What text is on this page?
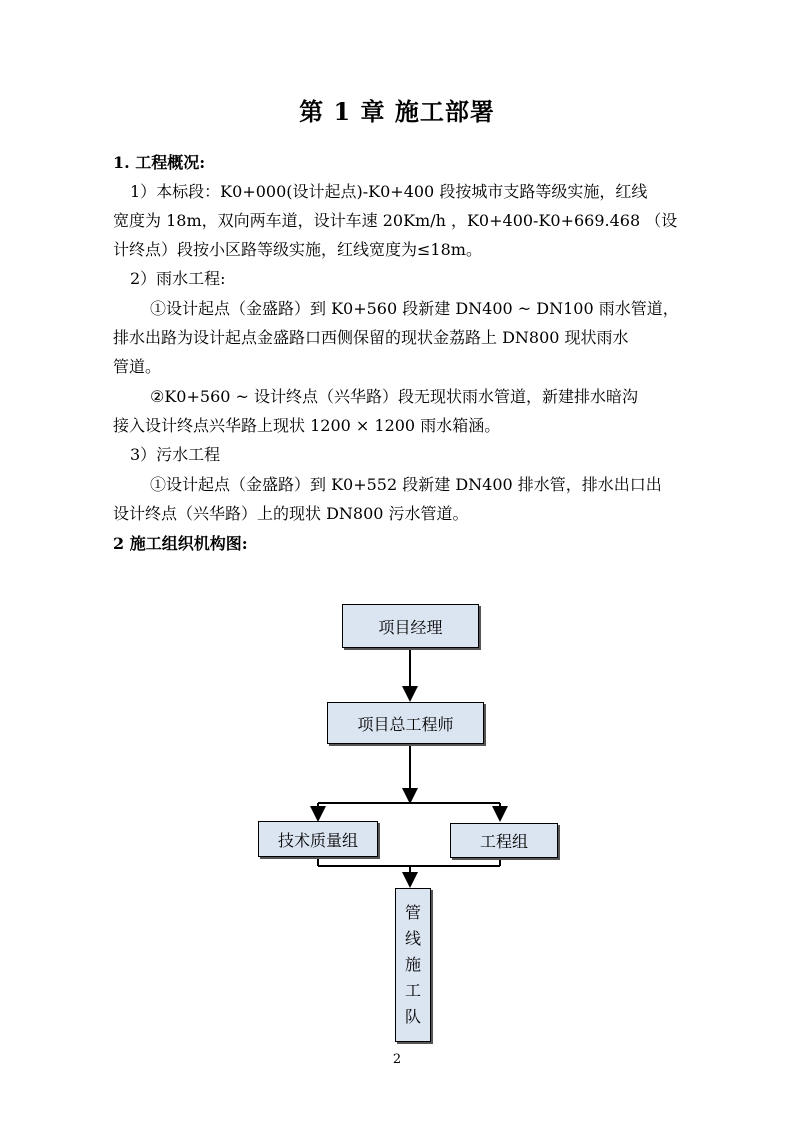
第 1 章 施工部署
1. 工程概况:
1）本标段：K0+000(设计起点)-K0+400 段按城市支路等级实施，红线
宽度为 18m，双向两车道，设计车速 20Km/h ，K0+400-K0+669.468 （设
计终点）段按小区路等级实施，红线宽度为≤18m。
2）雨水工程:
①设计起点（金盛路）到 K0+560 段新建 DN400 ~ DN100 雨水管道，
排水出路为设计起点金盛路口西侧保留的现状金荔路上 DN800 现状雨水
管道。
②K0+560 ~ 设计终点（兴华路）段无现状雨水管道，新建排水暗沟
接入设计终点兴华路上现状 1200 × 1200 雨水箱涵。
3）污水工程
①设计起点（金盛路）到 K0+552 段新建 DN400 排水管，排水出口出
设计终点（兴华路）上的现状 DN800 污水管道。
2 施工组织机构图:
项目经理
项目总工程师
技术质量组	工程组
管
线
施
工
队
2
